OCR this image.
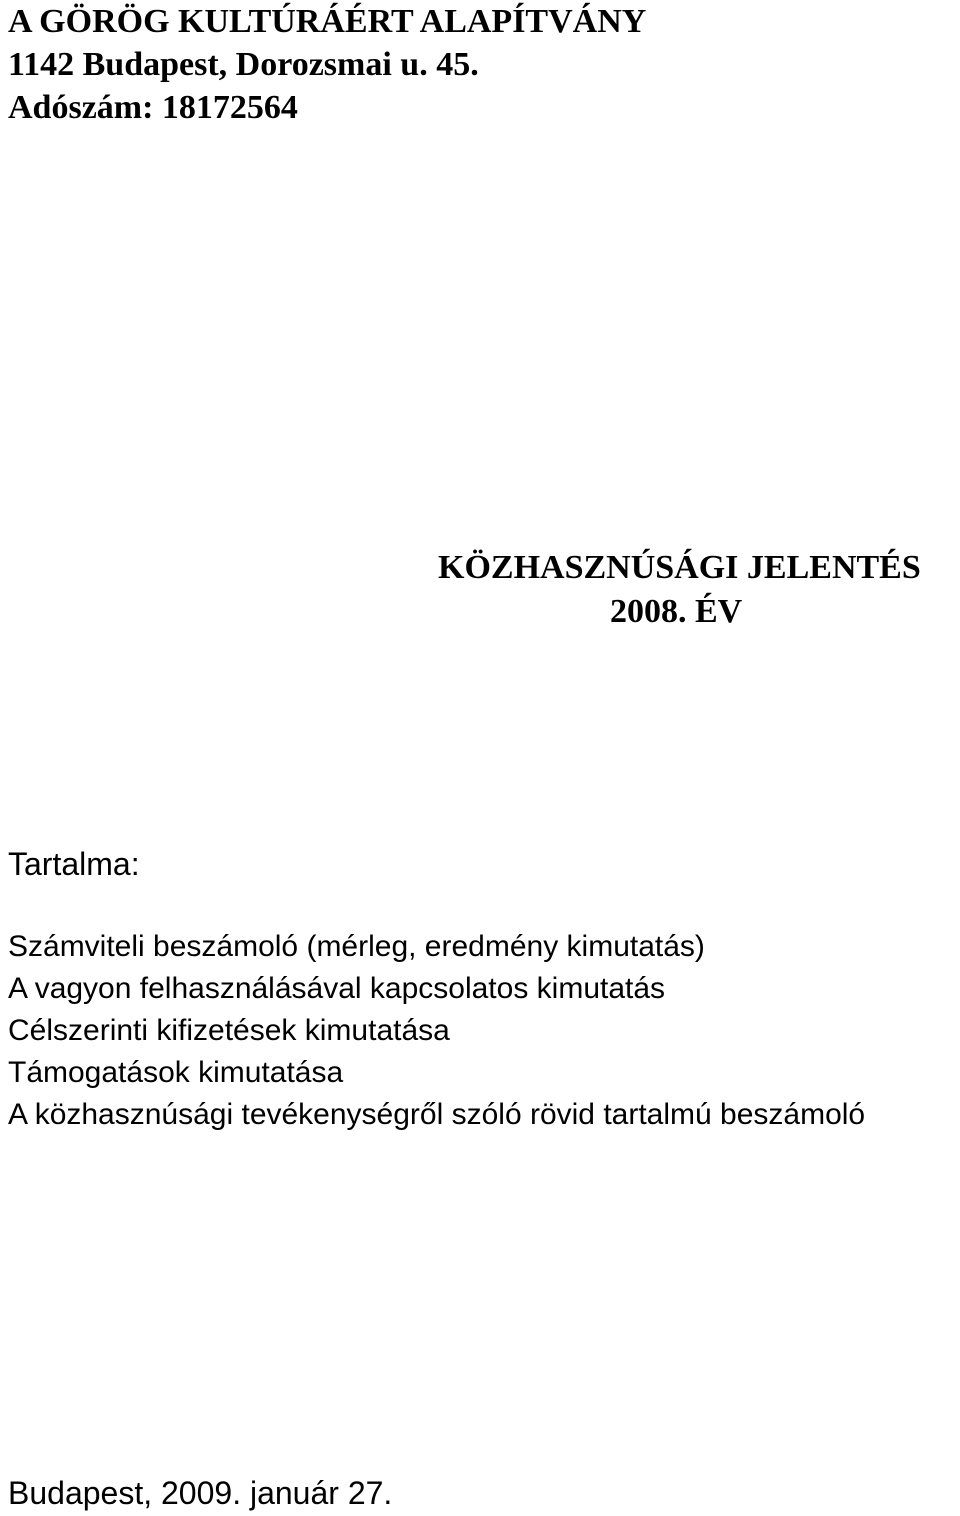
A GÖRÖG KULTÚRÁÉRT ALAPÍTVÁNY
1142 Budapest, Dorozsmai u. 45.
Adószám: 18172564
KÖZHASZNÚSÁGI JELENTÉS
2008. ÉV
Tartalma:
Számviteli beszámoló (mérleg, eredmény kimutatás)
A vagyon felhasználásával kapcsolatos kimutatás
Célszerinti kifizetések kimutatása
Támogatások kimutatása
A közhasznúsági tevékenységről szóló rövid tartalmú beszámoló
Budapest, 2009. január 27.
